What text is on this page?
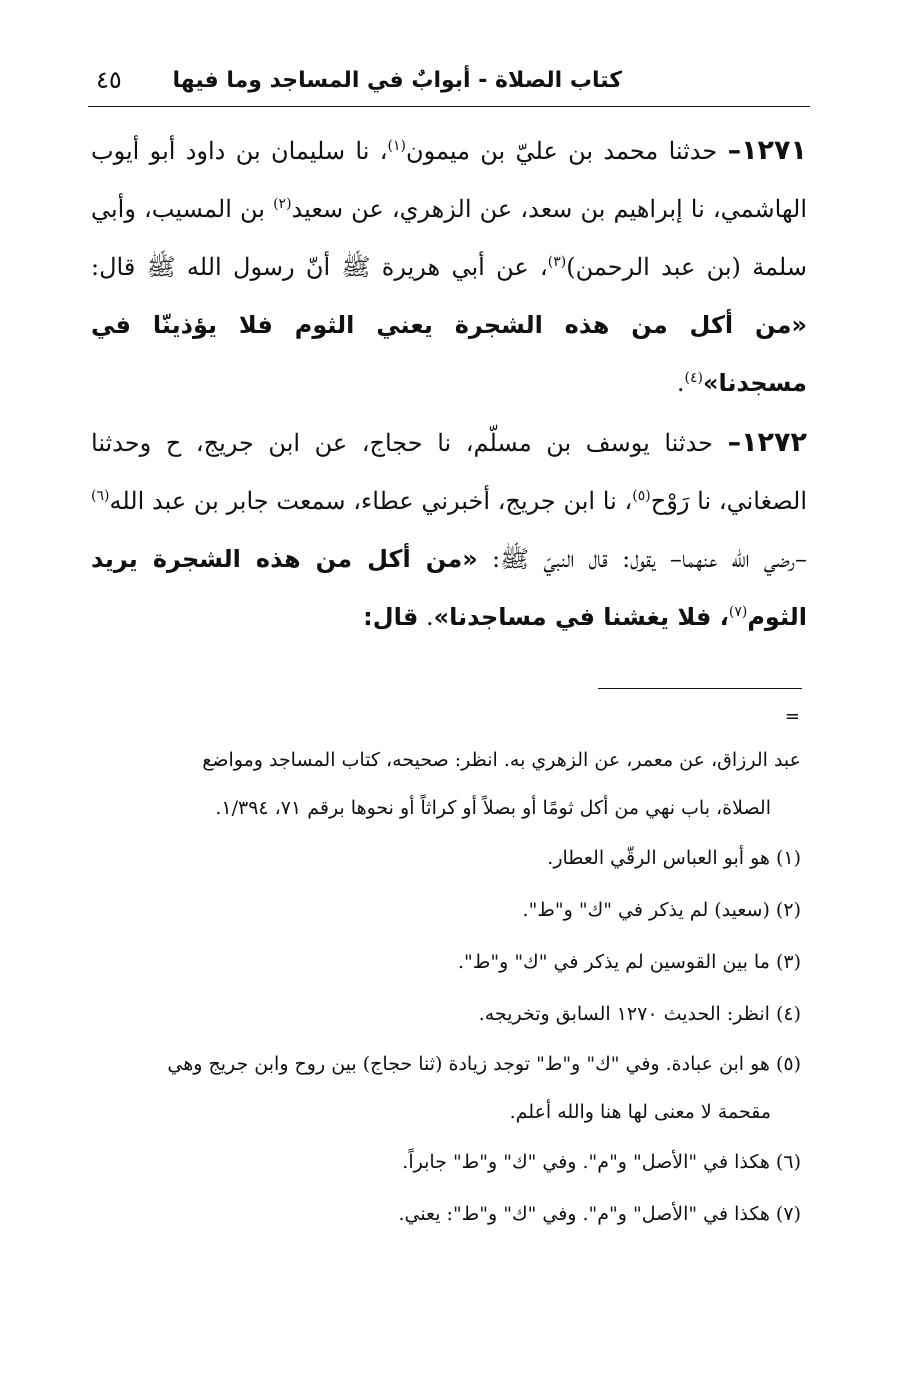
كتاب الصلاة - أبوابٌ في المساجد وما فيها
٤٥

١٢٧١– حدثنا محمد بن عليّ بن ميمون$^{(١)}$، نا سليمان بن داود أبو أيوب الهاشمي، نا إبراهيم بن سعد، عن الزهري، عن سعيد$^{(٢)}$ بن المسيب، وأبي سلمة (بن عبد الرحمن)$^{(٣)}$، عن أبي هريرة ﷺ أنّ رسول الله ﷺ قال: «من أكل من هذه الشجرة يعني الثوم فلا يؤذينّا في مسجدنا»$^{(٤)}$.

١٢٧٢– حدثنا يوسف بن مسلّم، نا حجاج، عن ابن جريج، ح وحدثنا الصغاني، نا رَوْح$^{(٥)}$، نا ابن جريج، أخبرني عطاء، سمعت جابر بن عبد الله$^{(٦)}$ –رضي الله عنهما– يقول: قال النبيّ ﷺ: «من أكل من هذه الشجرة يريد الثوم$^{(٧)}$، فلا يغشنا في مساجدنا». قال:

=

عبد الرزاق، عن معمر، عن الزهري به. انظر: صحيحه، كتاب المساجد ومواضع

الصلاة، باب نهي من أكل ثومًا أو بصلاً أو كراثاً أو نحوها برقم ٧١، ١/٣٩٤.

(١) هو أبو العباس الرقّي العطار.

(٢) (سعيد) لم يذكر في "ك" و"ط".

(٣) ما بين القوسين لم يذكر في "ك" و"ط".

(٤) انظر: الحديث ١٢٧٠ السابق وتخريجه.

(٥) هو ابن عبادة. وفي "ك" و"ط" توجد زيادة (ثنا حجاج) بين روح وابن جريج وهي

مقحمة لا معنى لها هنا والله أعلم.

(٦) هكذا في "الأصل" و"م". وفي "ك" و"ط" جابراً.

(٧) هكذا في "الأصل" و"م". وفي "ك" و"ط": يعني.
